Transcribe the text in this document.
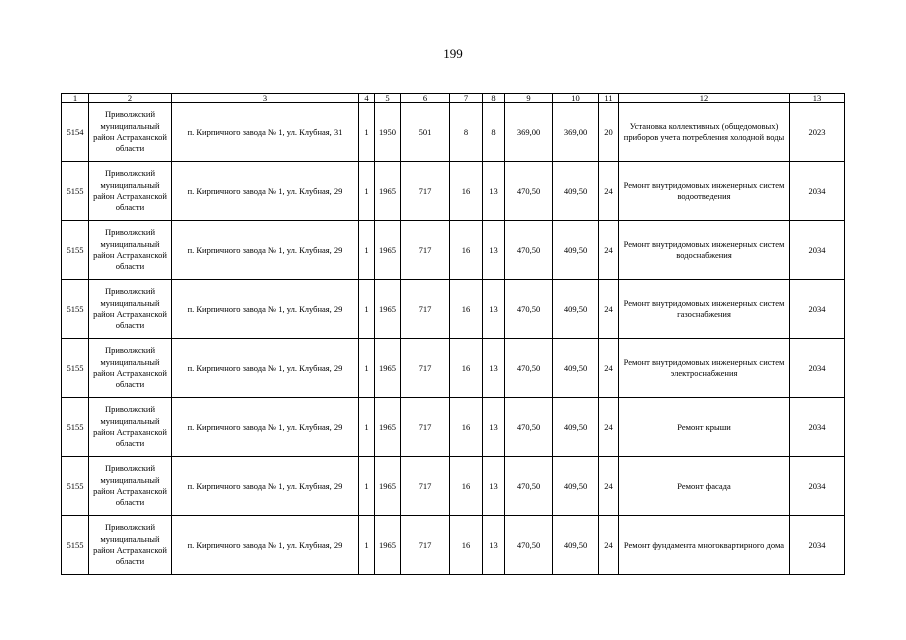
199
1	2	3	4	5	6	7	8	9	10	11	12	13
5154	Приволжский муниципальный район Астраханской области	п. Кирпичного завода № 1, ул. Клубная, 31	1	1950	501	8	8	369,00	369,00	20	Установка коллективных (общедомовых) приборов учета потребления холодной воды	2023
5155	Приволжский муниципальный район Астраханской области	п. Кирпичного завода № 1, ул. Клубная, 29	1	1965	717	16	13	470,50	409,50	24	Ремонт внутридомовых инженерных систем водоотведения	2034
5155	Приволжский муниципальный район Астраханской области	п. Кирпичного завода № 1, ул. Клубная, 29	1	1965	717	16	13	470,50	409,50	24	Ремонт внутридомовых инженерных систем водоснабжения	2034
5155	Приволжский муниципальный район Астраханской области	п. Кирпичного завода № 1, ул. Клубная, 29	1	1965	717	16	13	470,50	409,50	24	Ремонт внутридомовых инженерных систем газоснабжения	2034
5155	Приволжский муниципальный район Астраханской области	п. Кирпичного завода № 1, ул. Клубная, 29	1	1965	717	16	13	470,50	409,50	24	Ремонт внутридомовых инженерных систем электроснабжения	2034
5155	Приволжский муниципальный район Астраханской области	п. Кирпичного завода № 1, ул. Клубная, 29	1	1965	717	16	13	470,50	409,50	24	Ремонт крыши	2034
5155	Приволжский муниципальный район Астраханской области	п. Кирпичного завода № 1, ул. Клубная, 29	1	1965	717	16	13	470,50	409,50	24	Ремонт фасада	2034
5155	Приволжский муниципальный район Астраханской области	п. Кирпичного завода № 1, ул. Клубная, 29	1	1965	717	16	13	470,50	409,50	24	Ремонт фундамента многоквартирного дома	2034
